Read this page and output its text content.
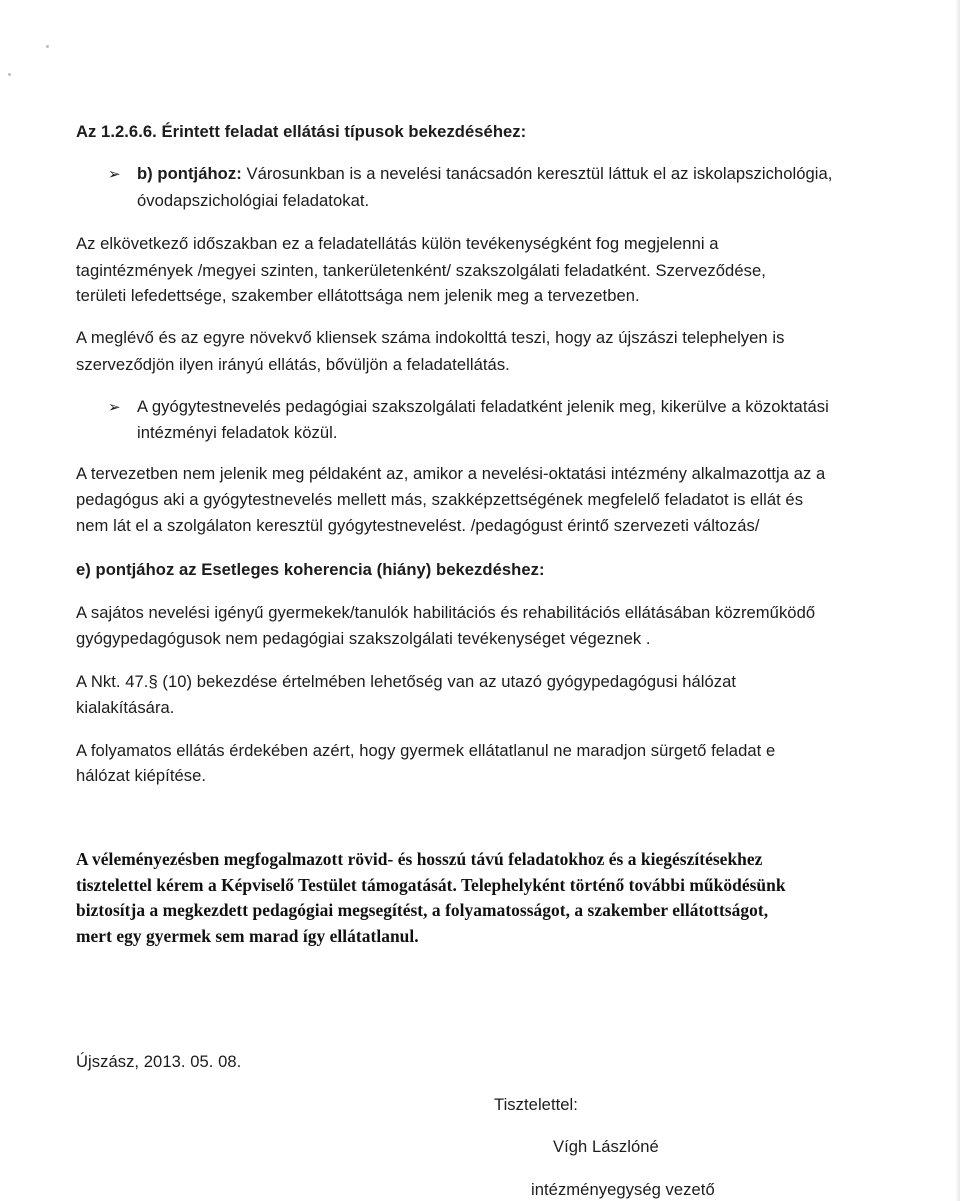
Az 1.2.6.6. Érintett feladat ellátási típusok bekezdéséhez:
➢ b) pontjához: Városunkban is a nevelési tanácsadón keresztül láttuk el az iskolapszichológia,
óvodapszichológiai feladatokat.
Az elkövetkező időszakban ez a feladatellátás külön tevékenységként fog megjelenni a
tagintézmények /megyei szinten, tankerületenként/ szakszolgálati feladatként. Szerveződése,
területi lefedettsége, szakember ellátottsága nem jelenik meg a tervezetben.
A meglévő és az egyre növekvő kliensek száma indokolttá teszi, hogy az újszászi telephelyen is
szerveződjön ilyen irányú ellátás, bővüljön a feladatellátás.
➢ A gyógytestnevelés pedagógiai szakszolgálati feladatként jelenik meg, kikerülve a közoktatási
intézményi feladatok közül.
A tervezetben nem jelenik meg példaként az, amikor a nevelési-oktatási intézmény alkalmazottja az a
pedagógus aki a gyógytestnevelés mellett más, szakképzettségének megfelelő feladatot is ellát és
nem lát el a szolgálaton keresztül gyógytestnevelést. /pedagógust érintő szervezeti változás/
e) pontjához az Esetleges koherencia (hiány) bekezdéshez:
A sajátos nevelési igényű gyermekek/tanulók habilitációs és rehabilitációs ellátásában közreműködő
gyógypedagógusok nem pedagógiai szakszolgálati tevékenységet végeznek .
A Nkt. 47.§ (10) bekezdése értelmében lehetőség van az utazó gyógypedagógusi hálózat
kialakítására.
A folyamatos ellátás érdekében azért, hogy gyermek ellátatlanul ne maradjon sürgető feladat e
hálózat kiépítése.
A véleményezésben megfogalmazott rövid- és hosszú távú feladatokhoz és a kiegészítésekhez
tisztelettel kérem a Képviselő Testület támogatását. Telephelyként történő további működésünk
biztosítja a megkezdett pedagógiai megsegítést, a folyamatosságot, a szakember ellátottságot,
mert egy gyermek sem marad így ellátatlanul.
Újszász, 2013. 05. 08.
Tisztelettel:
Vígh Lászlóné
intézményegység vezető
